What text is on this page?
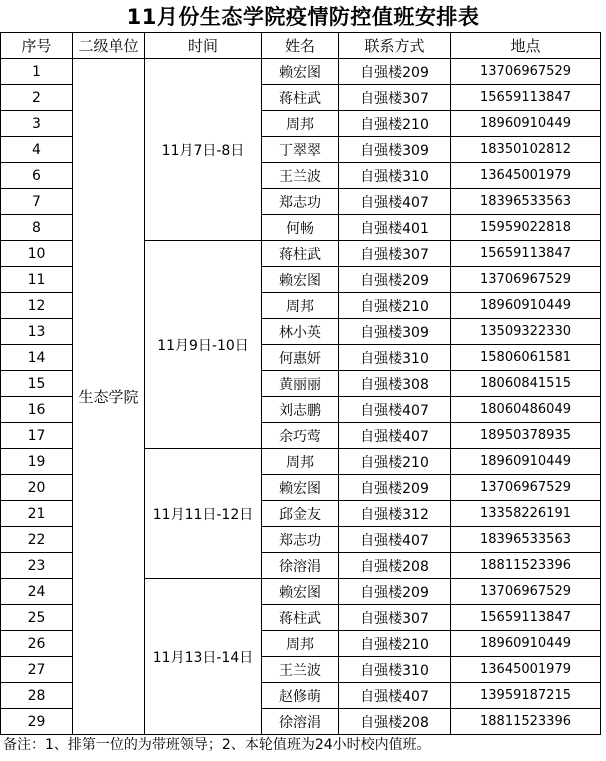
11月份生态学院疫情防控值班安排表
序号	二级单位	时间	姓名	联系方式	地点
1	生态学院	11月7日-8日	赖宏图	自强楼209	13706967529
2			蒋柱武	自强楼307	15659113847
3			周邦	自强楼210	18960910449
4			丁翠翠	自强楼309	18350102812
6			王兰波	自强楼310	13645001979
7			郑志功	自强楼407	18396533563
8			何畅	自强楼401	15959022818
10		11月9日-10日	蒋柱武	自强楼307	15659113847
11			赖宏图	自强楼209	13706967529
12			周邦	自强楼210	18960910449
13			林小英	自强楼309	13509322330
14			何惠妍	自强楼310	15806061581
15			黄丽丽	自强楼308	18060841515
16			刘志鹏	自强楼407	18060486049
17			余巧莺	自强楼407	18950378935
19		11月11日-12日	周邦	自强楼210	18960910449
20			赖宏图	自强楼209	13706967529
21			邱金友	自强楼312	13358226191
22			郑志功	自强楼407	18396533563
23			徐溶涓	自强楼208	18811523396
24		11月13日-14日	赖宏图	自强楼209	13706967529
25			蒋柱武	自强楼307	15659113847
26			周邦	自强楼210	18960910449
27			王兰波	自强楼310	13645001979
28			赵修萌	自强楼407	13959187215
29			徐溶涓	自强楼208	18811523396
备注：1、排第一位的为带班领导；2、本轮值班为24小时校内值班。
